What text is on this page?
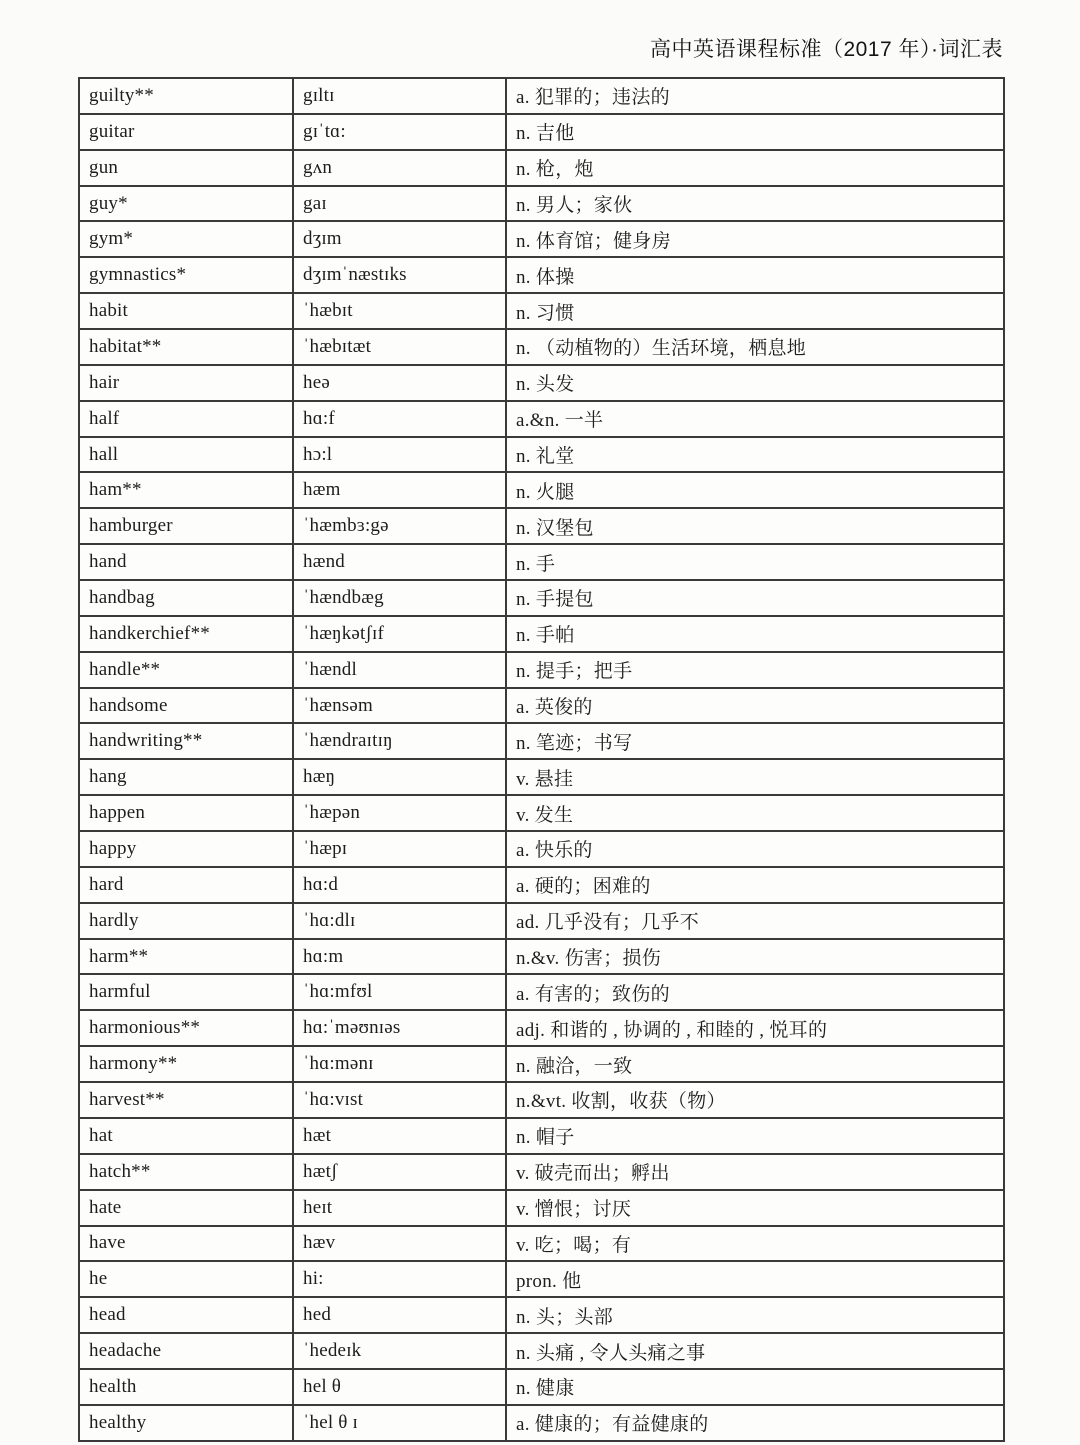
高中英语课程标准（2017 年）·词汇表
guilty**	gɪltɪ	a. 犯罪的；违法的
guitar	gɪˈtɑ:	n. 吉他
gun	gʌn	n. 枪，炮
guy*	gaɪ	n. 男人；家伙
gym*	dʒɪm	n. 体育馆；健身房
gymnastics*	dʒɪmˈnæstɪks	n. 体操
habit	ˈhæbɪt	n. 习惯
habitat**	ˈhæbɪtæt	n. （动植物的）生活环境，栖息地
hair	heə	n. 头发
half	hɑ:f	a.&n. 一半
hall	hɔ:l	n. 礼堂
ham**	hæm	n. 火腿
hamburger	ˈhæmbɜ:gə	n. 汉堡包
hand	hænd	n. 手
handbag	ˈhændbæg	n. 手提包
handkerchief**	ˈhæŋkətʃɪf	n. 手帕
handle**	ˈhændl	n. 提手；把手
handsome	ˈhænsəm	a. 英俊的
handwriting**	ˈhændraɪtɪŋ	n. 笔迹；书写
hang	hæŋ	v. 悬挂
happen	ˈhæpən	v. 发生
happy	ˈhæpɪ	a. 快乐的
hard	hɑ:d	a. 硬的；困难的
hardly	ˈhɑ:dlɪ	ad. 几乎没有；几乎不
harm**	hɑ:m	n.&v. 伤害；损伤
harmful	ˈhɑ:mfʊl	a. 有害的；致伤的
harmonious**	hɑ:ˈməʊnɪəs	adj. 和谐的 , 协调的 , 和睦的 , 悦耳的
harmony**	ˈhɑ:mənɪ	n. 融洽，一致
harvest**	ˈhɑ:vɪst	n.&vt. 收割，收获（物）
hat	hæt	n. 帽子
hatch**	hætʃ	v. 破壳而出；孵出
hate	heɪt	v. 憎恨；讨厌
have	hæv	v. 吃；喝；有
he	hi:	pron. 他
head	hed	n. 头；头部
headache	ˈhedeɪk	n. 头痛 , 令人头痛之事
health	hel θ	n. 健康
healthy	ˈhel θ ɪ	a. 健康的；有益健康的
